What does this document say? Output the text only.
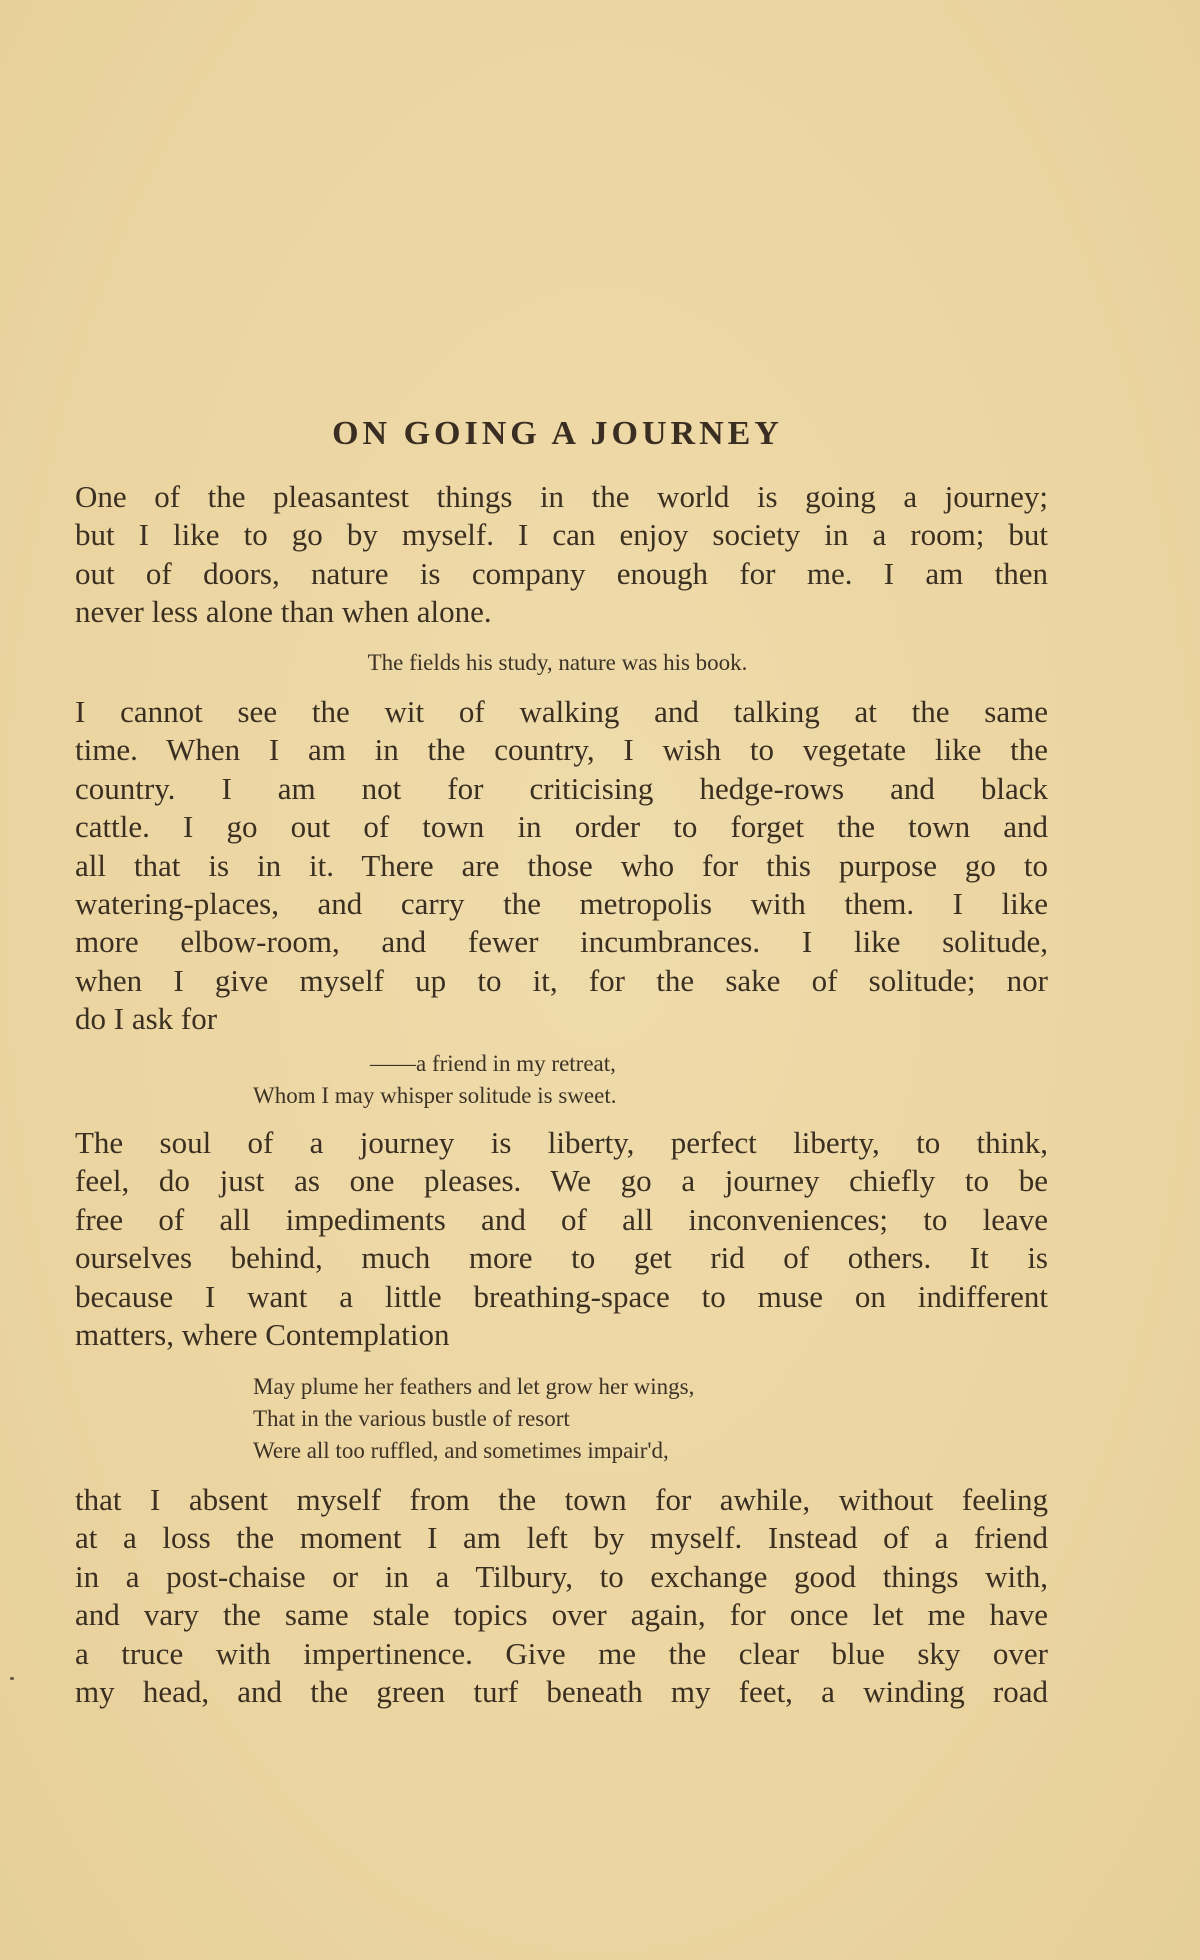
ON GOING A JOURNEY

One of the pleasantest things in the world is going a journey;
but I like to go by myself. I can enjoy society in a room; but
out of doors, nature is company enough for me. I am then
never less alone than when alone.

The fields his study, nature was his book.

I cannot see the wit of walking and talking at the same
time. When I am in the country, I wish to vegetate like the
country. I am not for criticising hedge-rows and black
cattle. I go out of town in order to forget the town and
all that is in it. There are those who for this purpose go to
watering-places, and carry the metropolis with them. I like
more elbow-room, and fewer incumbrances. I like solitude,
when I give myself up to it, for the sake of solitude; nor
do I ask for

——a friend in my retreat,
Whom I may whisper solitude is sweet.

The soul of a journey is liberty, perfect liberty, to think,
feel, do just as one pleases. We go a journey chiefly to be
free of all impediments and of all inconveniences; to leave
ourselves behind, much more to get rid of others. It is
because I want a little breathing-space to muse on indifferent
matters, where Contemplation

May plume her feathers and let grow her wings,
That in the various bustle of resort
Were all too ruffled, and sometimes impair'd,

that I absent myself from the town for awhile, without feeling
at a loss the moment I am left by myself. Instead of a friend
in a post-chaise or in a Tilbury, to exchange good things with,
and vary the same stale topics over again, for once let me have
a truce with impertinence. Give me the clear blue sky over
my head, and the green turf beneath my feet, a winding road
